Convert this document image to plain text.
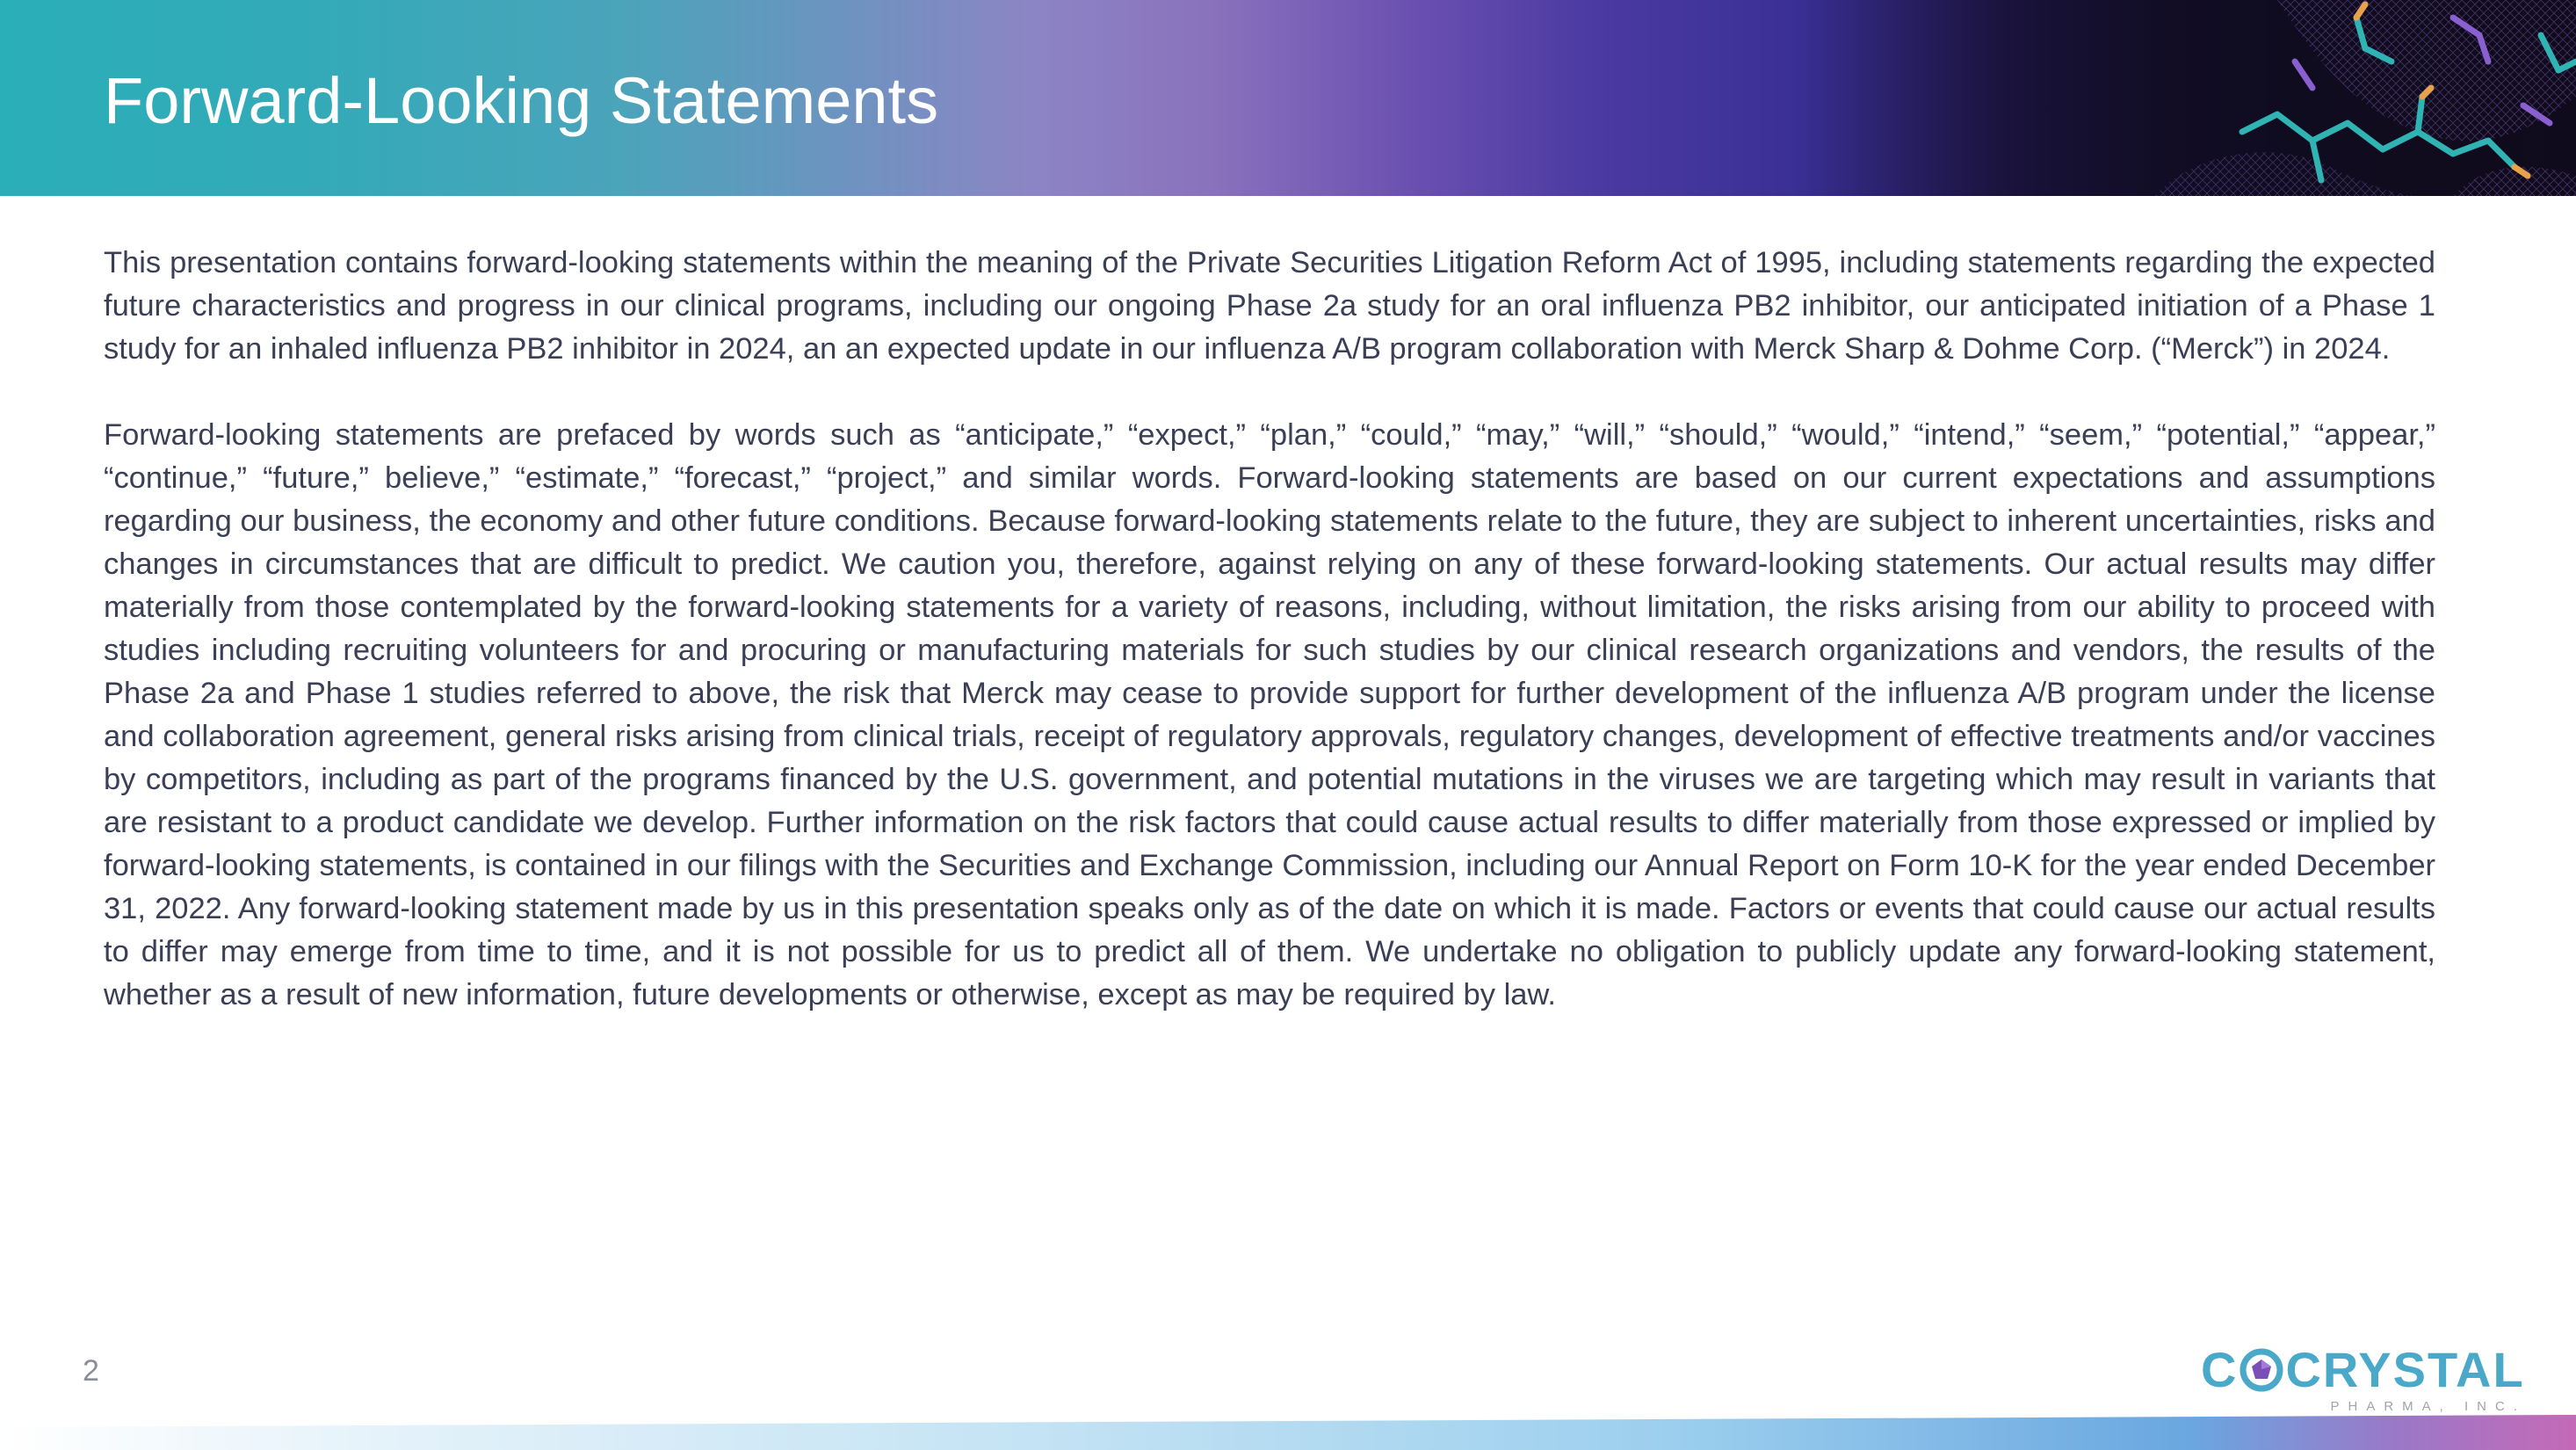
Forward-Looking Statements

This presentation contains forward-looking statements within the meaning of the Private Securities Litigation Reform Act of 1995, including statements regarding the expected future characteristics and progress in our clinical programs, including our ongoing Phase 2a study for an oral influenza PB2 inhibitor, our anticipated initiation of a Phase 1 study for an inhaled influenza PB2 inhibitor in 2024, an an expected update in our influenza A/B program collaboration with Merck Sharp & Dohme Corp. (“Merck”) in 2024.

Forward-looking statements are prefaced by words such as “anticipate,” “expect,” “plan,” “could,” “may,” “will,” “should,” “would,” “intend,” “seem,” “potential,” “appear,” “continue,” “future,” believe,” “estimate,” “forecast,” “project,” and similar words. Forward-looking statements are based on our current expectations and assumptions regarding our business, the economy and other future conditions. Because forward-looking statements relate to the future, they are subject to inherent uncertainties, risks and changes in circumstances that are difficult to predict. We caution you, therefore, against relying on any of these forward-looking statements. Our actual results may differ materially from those contemplated by the forward-looking statements for a variety of reasons, including, without limitation, the risks arising from our ability to proceed with studies including recruiting volunteers for and procuring or manufacturing materials for such studies by our clinical research organizations and vendors, the results of the Phase 2a and Phase 1 studies referred to above, the risk that Merck may cease to provide support for further development of the influenza A/B program under the license and collaboration agreement, general risks arising from clinical trials, receipt of regulatory approvals, regulatory changes, development of effective treatments and/or vaccines by competitors, including as part of the programs financed by the U.S. government, and potential mutations in the viruses we are targeting which may result in variants that are resistant to a product candidate we develop. Further information on the risk factors that could cause actual results to differ materially from those expressed or implied by forward-looking statements, is contained in our filings with the Securities and Exchange Commission, including our Annual Report on Form 10-K for the year ended December 31, 2022. Any forward-looking statement made by us in this presentation speaks only as of the date on which it is made. Factors or events that could cause our actual results to differ may emerge from time to time, and it is not possible for us to predict all of them. We undertake no obligation to publicly update any forward-looking statement, whether as a result of new information, future developments or otherwise, except as may be required by law.

2	C CRYSTAL
PHARMA, INC.
